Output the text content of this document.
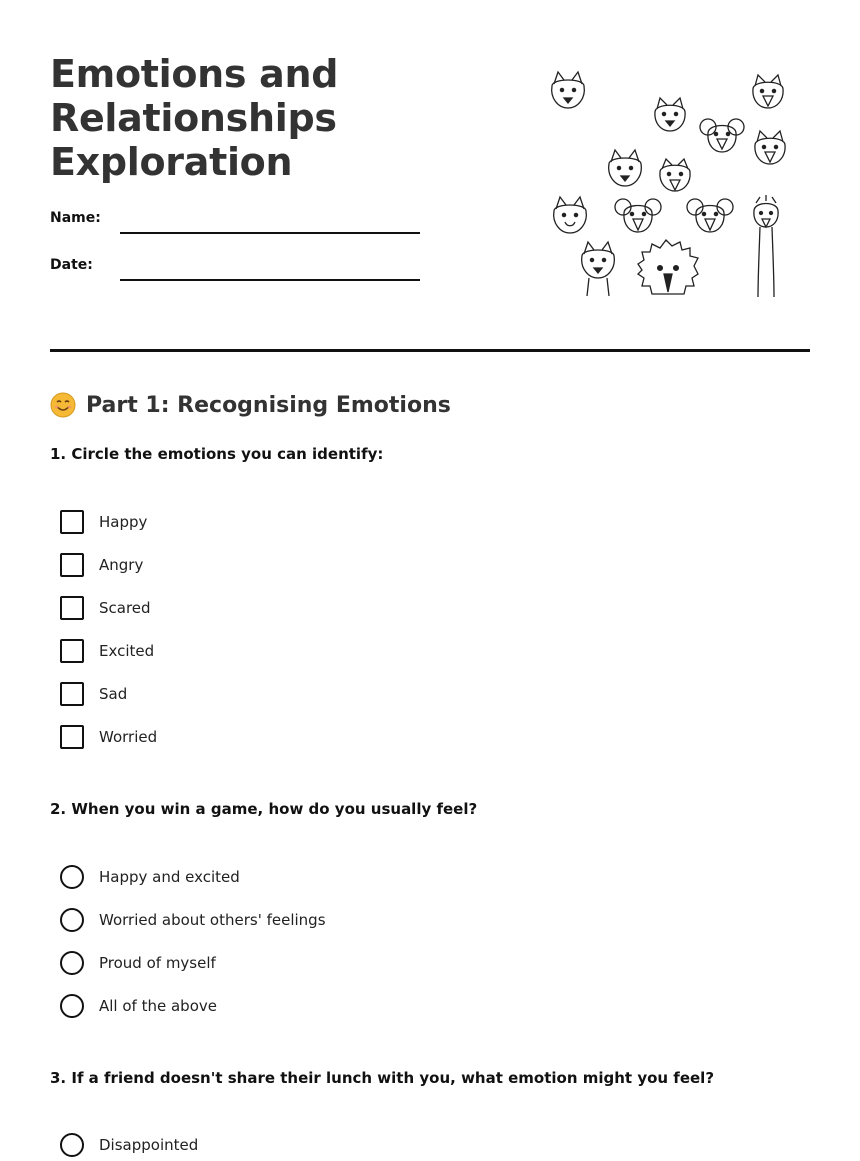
Emotions and
Relationships
Exploration
Name:
Date:
Part 1: Recognising Emotions
1. Circle the emotions you can identify:
Happy
Angry
Scared
Excited
Sad
Worried
2. When you win a game, how do you usually feel?
Happy and excited
Worried about others' feelings
Proud of myself
All of the above
3. If a friend doesn't share their lunch with you, what emotion might you feel?
Disappointed
